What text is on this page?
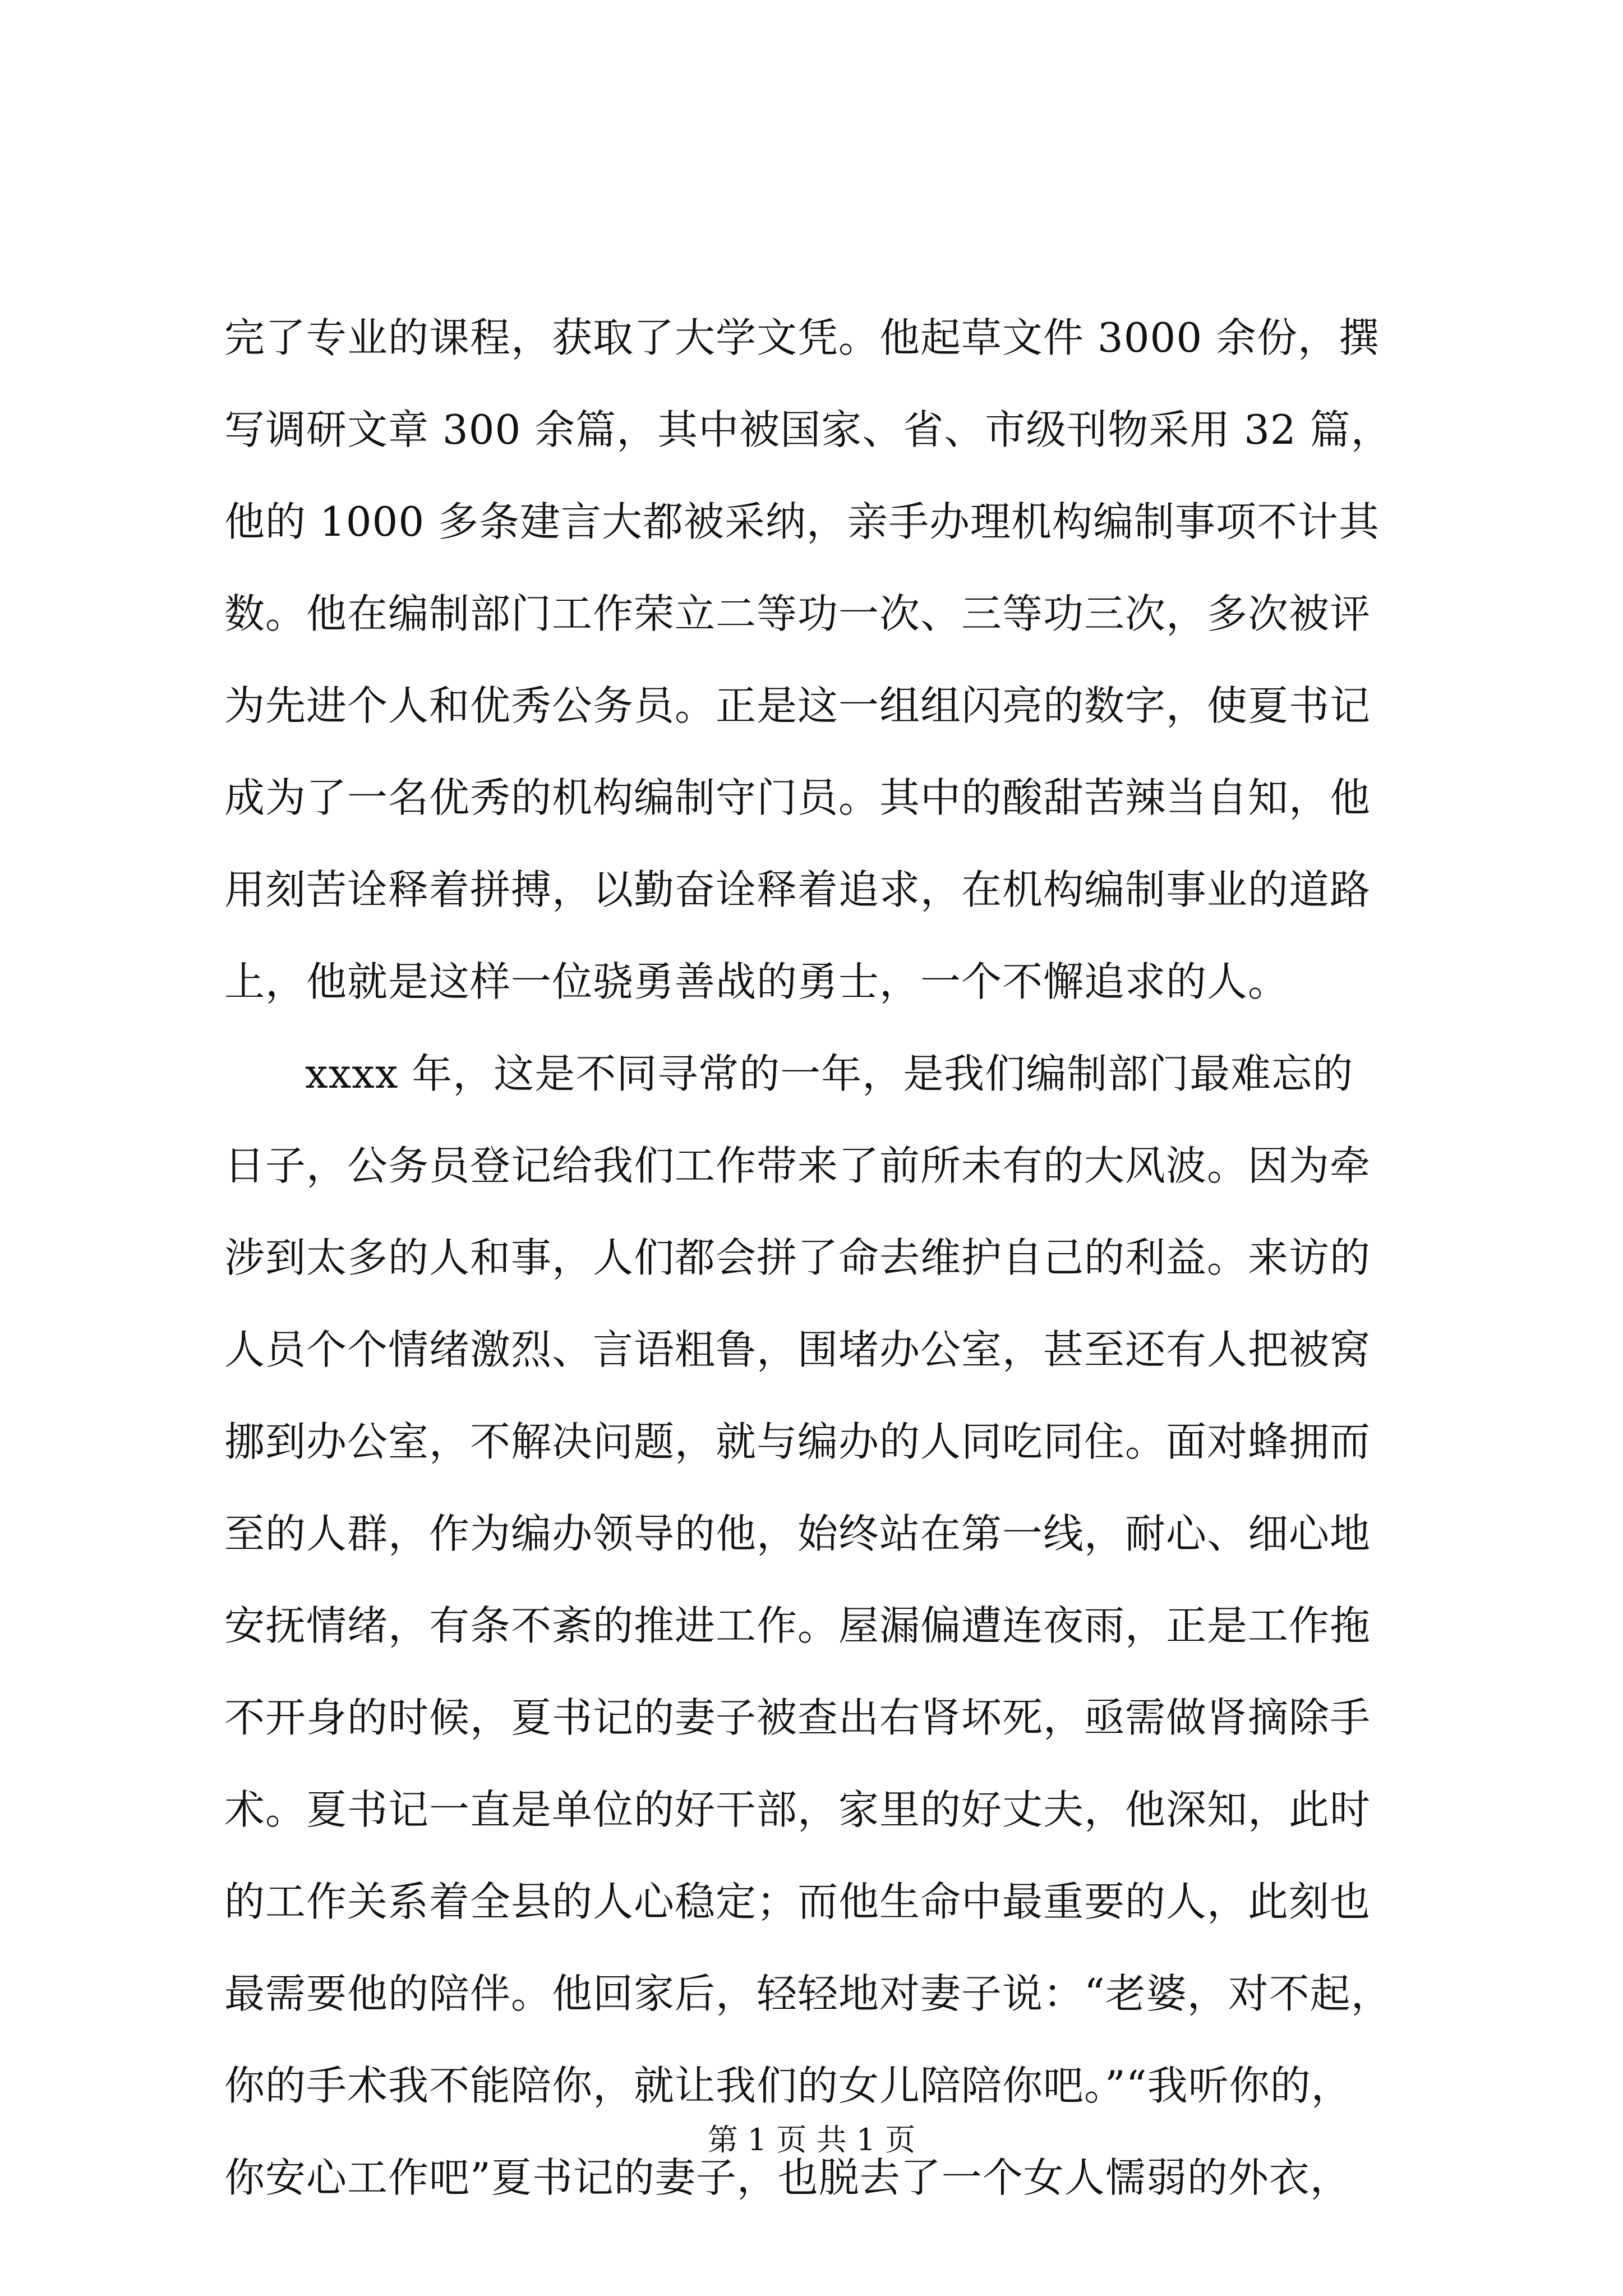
完了专业的课程，获取了大学文凭。他起草文件 3000 余份，撰
写调研文章 300 余篇，其中被国家、省、市级刊物采用 32 篇，
他的 1000 多条建言大都被采纳，亲手办理机构编制事项不计其
数。他在编制部门工作荣立二等功一次、三等功三次，多次被评
为先进个人和优秀公务员。正是这一组组闪亮的数字，使夏书记
成为了一名优秀的机构编制守门员。其中的酸甜苦辣当自知，他
用刻苦诠释着拼搏，以勤奋诠释着追求，在机构编制事业的道路
上，他就是这样一位骁勇善战的勇士，一个不懈追求的人。
xxxx 年，这是不同寻常的一年，是我们编制部门最难忘的
日子，公务员登记给我们工作带来了前所未有的大风波。因为牵
涉到太多的人和事，人们都会拼了命去维护自己的利益。来访的
人员个个情绪激烈、言语粗鲁，围堵办公室，甚至还有人把被窝
挪到办公室，不解决问题，就与编办的人同吃同住。面对蜂拥而
至的人群，作为编办领导的他，始终站在第一线，耐心、细心地
安抚情绪，有条不紊的推进工作。屋漏偏遭连夜雨，正是工作拖
不开身的时候，夏书记的妻子被查出右肾坏死，亟需做肾摘除手
术。夏书记一直是单位的好干部，家里的好丈夫，他深知，此时
的工作关系着全县的人心稳定；而他生命中最重要的人，此刻也
最需要他的陪伴。他回家后，轻轻地对妻子说：“老婆，对不起，
你的手术我不能陪你，就让我们的女儿陪陪你吧。”“我听你的，
你安心工作吧”夏书记的妻子，也脱去了一个女人懦弱的外衣，
第 1 页 共 1 页
